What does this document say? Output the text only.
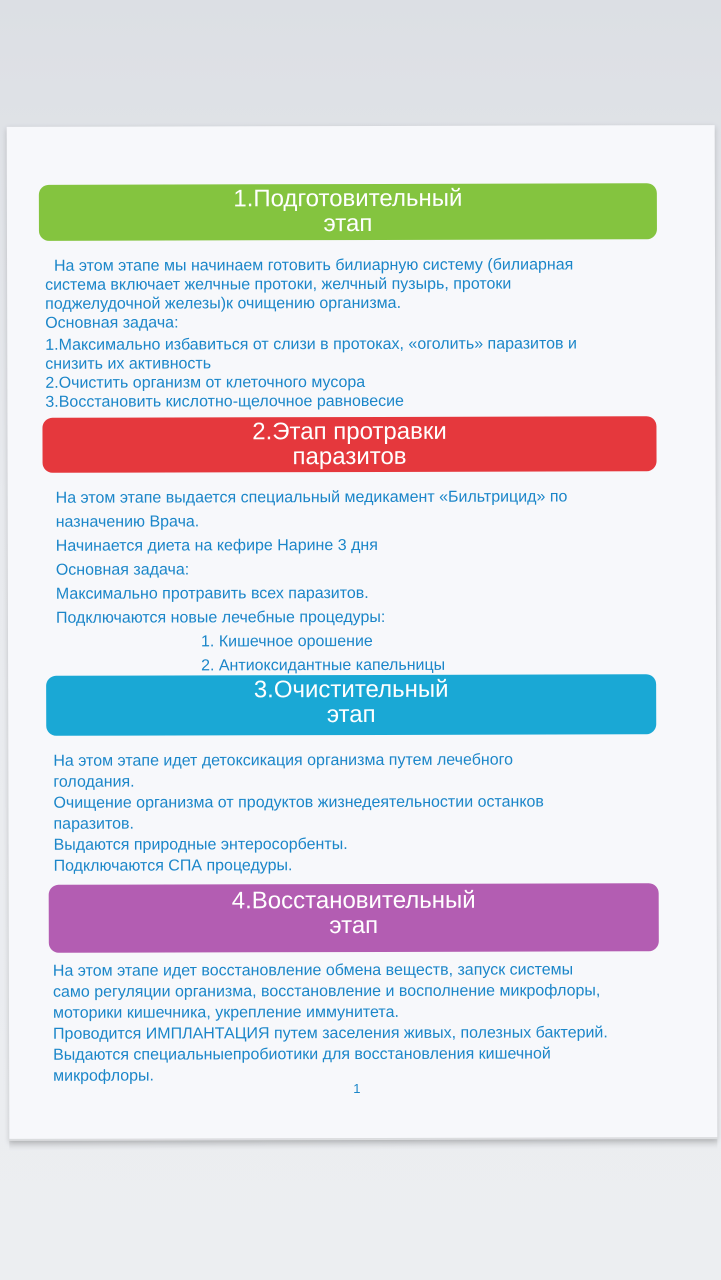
1.Подготовительный
этап
На этом этапе мы начинаем готовить билиарную систему (билиарная
система включает желчные протоки, желчный пузырь, протоки
поджелудочной железы)к очищению организма.
Основная задача:
1.Максимально избавиться от слизи в протоках, «оголить» паразитов и
снизить их активность
2.Очистить организм от клеточного мусора
3.Восстановить кислотно-щелочное равновесие
2.Этап протравки
паразитов
На этом этапе выдается специальный медикамент «Бильтрицид» по
назначению Врача.
Начинается диета на кефире Нарине 3 дня
Основная задача:
Максимально протравить всех паразитов.
Подключаются новые лечебные процедуры:
1. Кишечное орошение
2. Антиоксидантные капельницы
3.Очистительный
этап
На этом этапе идет детоксикация организма путем лечебного
голодания.
Очищение организма от продуктов жизнедеятельностии останков
паразитов.
Выдаются природные энтеросорбенты.
Подключаются СПА процедуры.
4.Восстановительный
этап
На этом этапе идет восстановление обмена веществ, запуск системы
само регуляции организма, восстановление и восполнение микрофлоры,
моторики кишечника, укрепление иммунитета.
Проводится ИМПЛАНТАЦИЯ путем заселения живых, полезных бактерий.
Выдаются специальныепробиотики для восстановления кишечной
микрофлоры.
1
